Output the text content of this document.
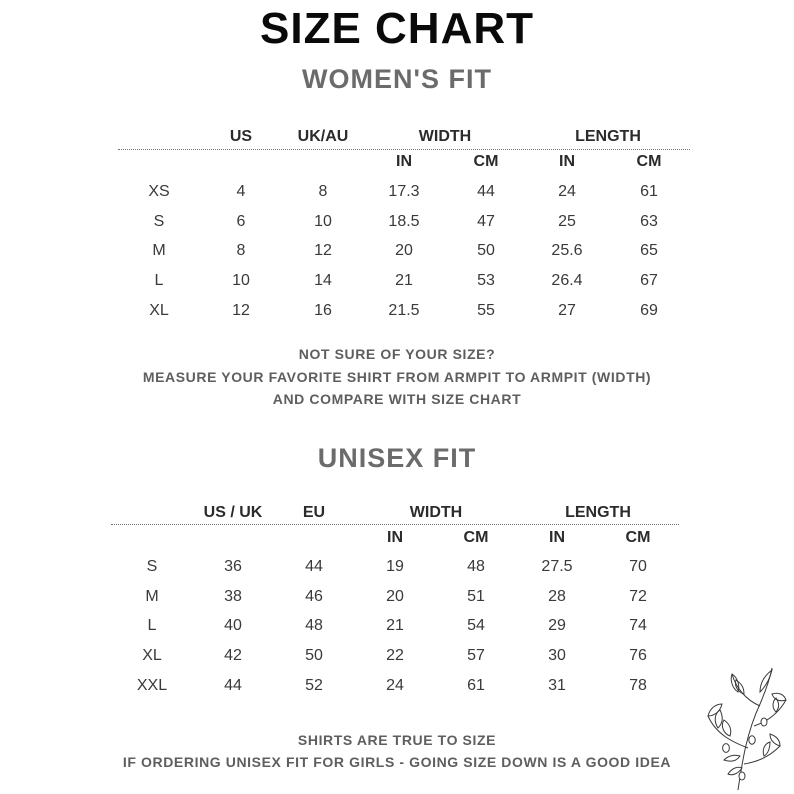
SIZE CHART
WOMEN'S FIT
US	UK/AU	WIDTH	LENGTH
IN	CM	IN	CM
XS	4	8	17.3	44	24	61
S	6	10	18.5	47	25	63
M	8	12	20	50	25.6	65
L	10	14	21	53	26.4	67
XL	12	16	21.5	55	27	69
NOT SURE OF YOUR SIZE?
MEASURE YOUR FAVORITE SHIRT FROM ARMPIT TO ARMPIT (WIDTH)
AND COMPARE WITH SIZE CHART
UNISEX FIT
US / UK	EU	WIDTH	LENGTH
IN	CM	IN	CM
S	36	44	19	48	27.5	70
M	38	46	20	51	28	72
L	40	48	21	54	29	74
XL	42	50	22	57	30	76
XXL	44	52	24	61	31	78
SHIRTS ARE TRUE TO SIZE
IF ORDERING UNISEX FIT FOR GIRLS - GOING SIZE DOWN IS A GOOD IDEA
